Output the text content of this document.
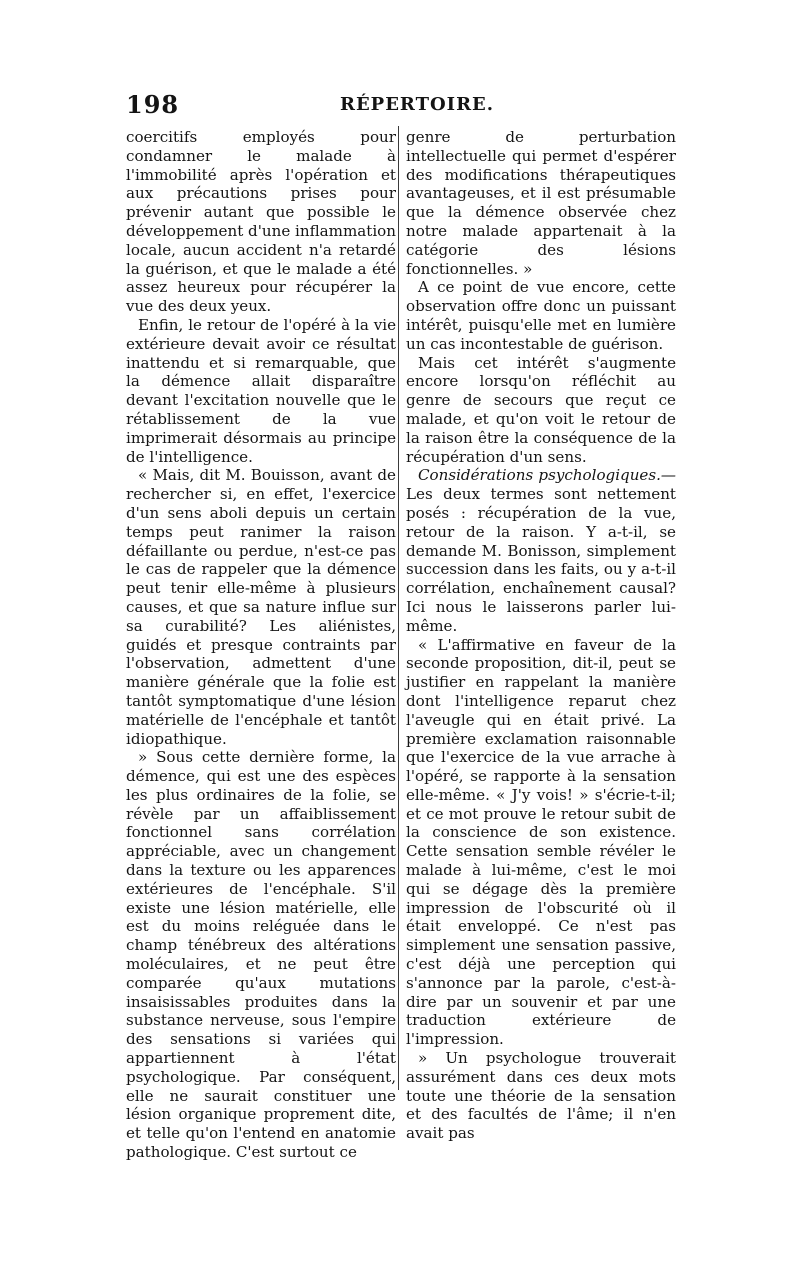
198	RÉPERTOIRE.

coercitifs employés pour condamner le malade à l'immobilité après l'opération et aux précautions prises pour prévenir autant que possible le développement d'une inflammation locale, aucun accident n'a retardé la guérison, et que le malade a été assez heureux pour récupérer la vue des deux yeux.

Enfin, le retour de l'opéré à la vie extérieure devait avoir ce résultat inattendu et si remarquable, que la démence allait disparaître devant l'excitation nouvelle que le rétablissement de la vue imprimerait désormais au principe de l'intelligence.

« Mais, dit M. Bouisson, avant de rechercher si, en effet, l'exercice d'un sens aboli depuis un certain temps peut ranimer la raison défaillante ou perdue, n'est-ce pas le cas de rappeler que la démence peut tenir elle-même à plusieurs causes, et que sa nature influe sur sa curabilité? Les aliénistes, guidés et presque contraints par l'observation, admettent d'une manière générale que la folie est tantôt symptomatique d'une lésion matérielle de l'encéphale et tantôt idiopathique.

» Sous cette dernière forme, la démence, qui est une des espèces les plus ordinaires de la folie, se révèle par un affaiblissement fonctionnel sans corrélation appréciable, avec un changement dans la texture ou les apparences extérieures de l'encéphale. S'il existe une lésion matérielle, elle est du moins reléguée dans le champ ténébreux des altérations moléculaires, et ne peut être comparée qu'aux mutations insaisissables produites dans la substance nerveuse, sous l'empire des sensations si variées qui appartiennent à l'état psychologique. Par conséquent, elle ne saurait constituer une lésion organique proprement dite, et telle qu'on l'entend en anatomie pathologique. C'est surtout ce

genre de perturbation intellectuelle qui permet d'espérer des modifications thérapeutiques avantageuses, et il est présumable que la démence observée chez notre malade appartenait à la catégorie des lésions fonctionnelles. »

A ce point de vue encore, cette observation offre donc un puissant intérêt, puisqu'elle met en lumière un cas incontestable de guérison.

Mais cet intérêt s'augmente encore lorsqu'on réfléchit au genre de secours que reçut ce malade, et qu'on voit le retour de la raison être la conséquence de la récupération d'un sens.

Considérations psychologiques.— Les deux termes sont nettement posés : récupération de la vue, retour de la raison. Y a-t-il, se demande M. Bonisson, simplement succession dans les faits, ou y a-t-il corrélation, enchaînement causal? Ici nous le laisserons parler lui-même.

« L'affirmative en faveur de la seconde proposition, dit-il, peut se justifier en rappelant la manière dont l'intelligence reparut chez l'aveugle qui en était privé. La première exclamation raisonnable que l'exercice de la vue arrache à l'opéré, se rapporte à la sensation elle-même. « J'y vois! » s'écrie-t-il; et ce mot prouve le retour subit de la conscience de son existence. Cette sensation semble révéler le malade à lui-même, c'est le moi qui se dégage dès la première impression de l'obscurité où il était enveloppé. Ce n'est pas simplement une sensation passive, c'est déjà une perception qui s'annonce par la parole, c'est-à-dire par un souvenir et par une traduction extérieure de l'impression.

» Un psychologue trouverait assurément dans ces deux mots toute une théorie de la sensation et des facultés de l'âme; il n'en avait pas
